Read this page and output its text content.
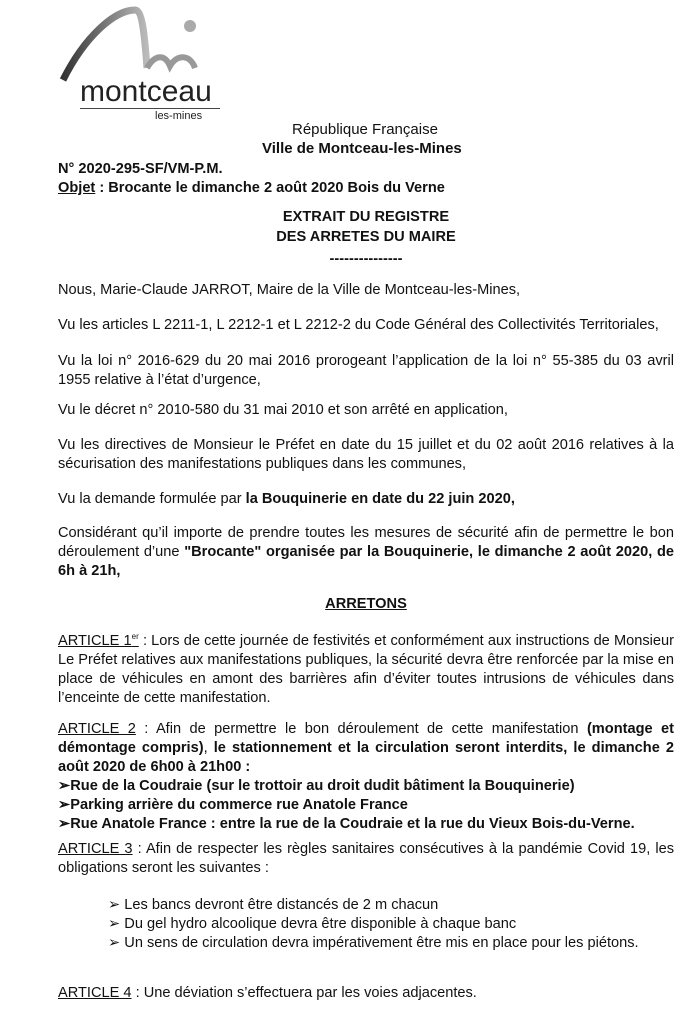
montceau
les-mines
République Française
Ville de Montceau-les-Mines
N° 2020-295-SF/VM-P.M.
Objet : Brocante le dimanche 2 août 2020 Bois du Verne
EXTRAIT DU REGISTRE
DES ARRETES DU MAIRE
---------------
Nous, Marie-Claude JARROT, Maire de la Ville de Montceau-les-Mines,
Vu les articles L 2211-1, L 2212-1 et L 2212-2 du Code Général des Collectivités Territoriales,
Vu la loi n° 2016-629 du 20 mai 2016 prorogeant l’application de la loi n° 55-385 du 03 avril 1955 relative à l’état d’urgence,
Vu le décret n° 2010-580 du 31 mai 2010 et son arrêté en application,
Vu les directives de Monsieur le Préfet en date du 15 juillet et du 02 août 2016 relatives à la sécurisation des manifestations publiques dans les communes,
Vu la demande formulée par la Bouquinerie en date du 22 juin 2020,
Considérant qu’il importe de prendre toutes les mesures de sécurité afin de permettre le bon déroulement d’une "Brocante" organisée par la Bouquinerie, le dimanche 2 août 2020, de 6h à 21h,
ARRETONS
ARTICLE 1er : Lors de cette journée de festivités et conformément aux instructions de Monsieur Le Préfet relatives aux manifestations publiques, la sécurité devra être renforcée par la mise en place de véhicules en amont des barrières afin d’éviter toutes intrusions de véhicules dans l’enceinte de cette manifestation.
ARTICLE 2 : Afin de permettre le bon déroulement de cette manifestation (montage et démontage compris), le stationnement et la circulation seront interdits, le dimanche 2 août 2020 de 6h00 à 21h00 :
➢Rue de la Coudraie (sur le trottoir au droit dudit bâtiment la Bouquinerie)
➢Parking arrière du commerce rue Anatole France
➢Rue Anatole France : entre la rue de la Coudraie et la rue du Vieux Bois-du-Verne.
ARTICLE 3 : Afin de respecter les règles sanitaires consécutives à la pandémie Covid 19, les obligations seront les suivantes :
➢ Les bancs devront être distancés de 2 m chacun
➢ Du gel hydro alcoolique devra être disponible à chaque banc
➢ Un sens de circulation devra impérativement être mis en place pour les piétons.
ARTICLE 4 : Une déviation s’effectuera par les voies adjacentes.
